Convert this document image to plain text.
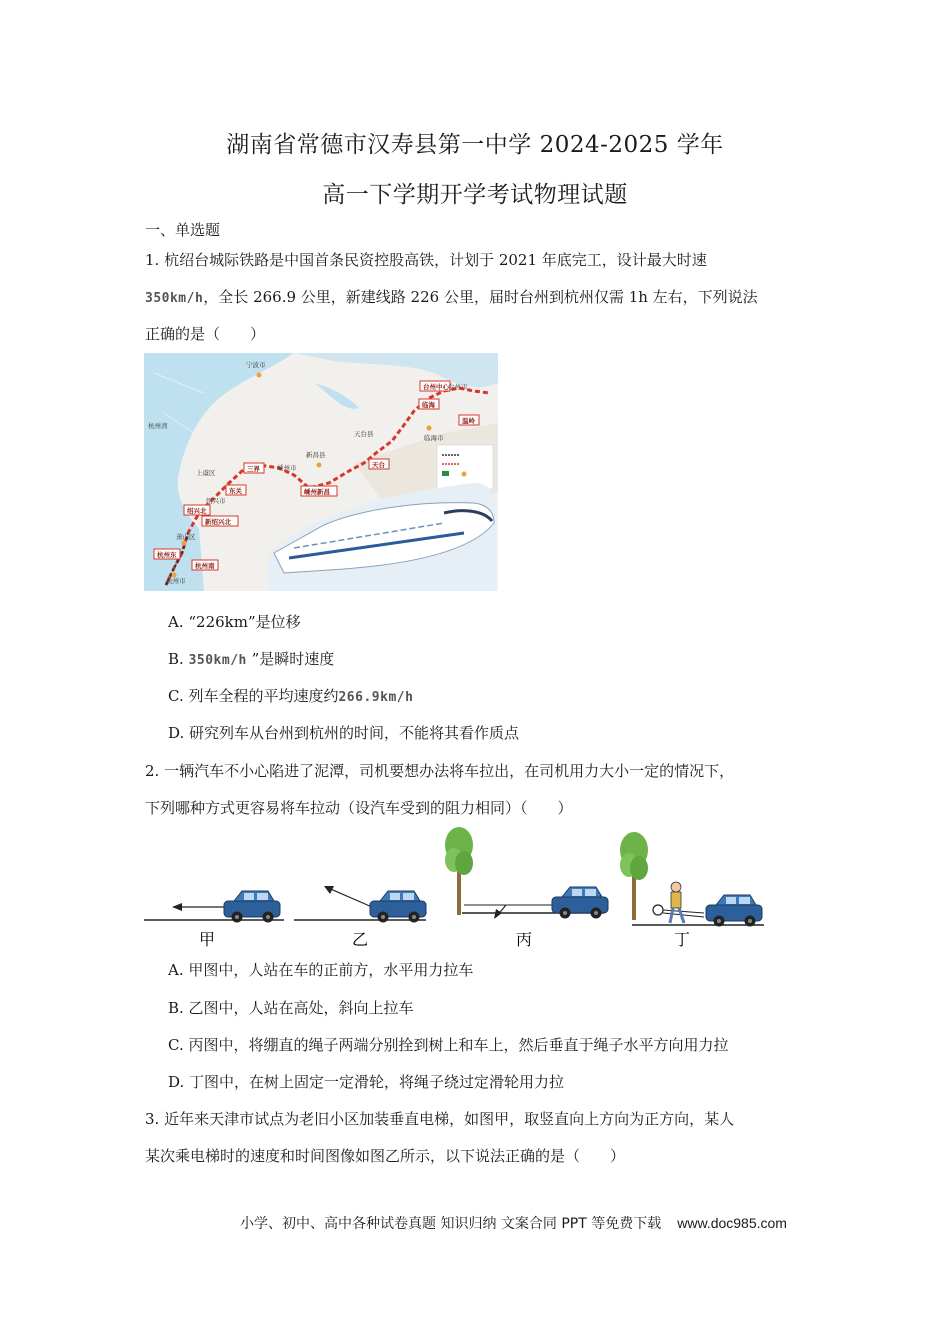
湖南省常德市汉寿县第一中学 2024-2025 学年
高一下学期开学考试物理试题
一、单选题
1. 杭绍台城际铁路是中国首条民资控股高铁，计划于 2021 年底完工，设计最大时速
350km/h，全长 266.9 公里，新建线路 226 公里，届时台州到杭州仅需 1h 左右，下列说法
正确的是（　　）
台州中心
临海
温岭
天台
嵊州新昌
三界
东关
绍兴北
新绍兴北
杭州东
杭州南
宁波市
杭州湾
台州市
临海市
天台县
新昌县
嵊州市
上虞区
绍兴市
萧山区
杭州市
A. “226km”是位移
B. 350km/h ”是瞬时速度
C. 列车全程的平均速度约266.9km/h
D. 研究列车从台州到杭州的时间，不能将其看作质点
2. 一辆汽车不小心陷进了泥潭，司机要想办法将车拉出，在司机用力大小一定的情况下，
下列哪种方式更容易将车拉动（设汽车受到的阻力相同）（　　）
甲	乙	丙	丁
A. 甲图中，人站在车的正前方，水平用力拉车
B. 乙图中，人站在高处，斜向上拉车
C. 丙图中，将绷直的绳子两端分别拴到树上和车上，然后垂直于绳子水平方向用力拉
D. 丁图中，在树上固定一定滑轮，将绳子绕过定滑轮用力拉
3. 近年来天津市试点为老旧小区加装垂直电梯，如图甲，取竖直向上方向为正方向，某人
某次乘电梯时的速度和时间图像如图乙所示，以下说法正确的是（　　）
小学、初中、高中各种试卷真题 知识归纳 文案合同 PPT 等免费下载 www.doc985.com
